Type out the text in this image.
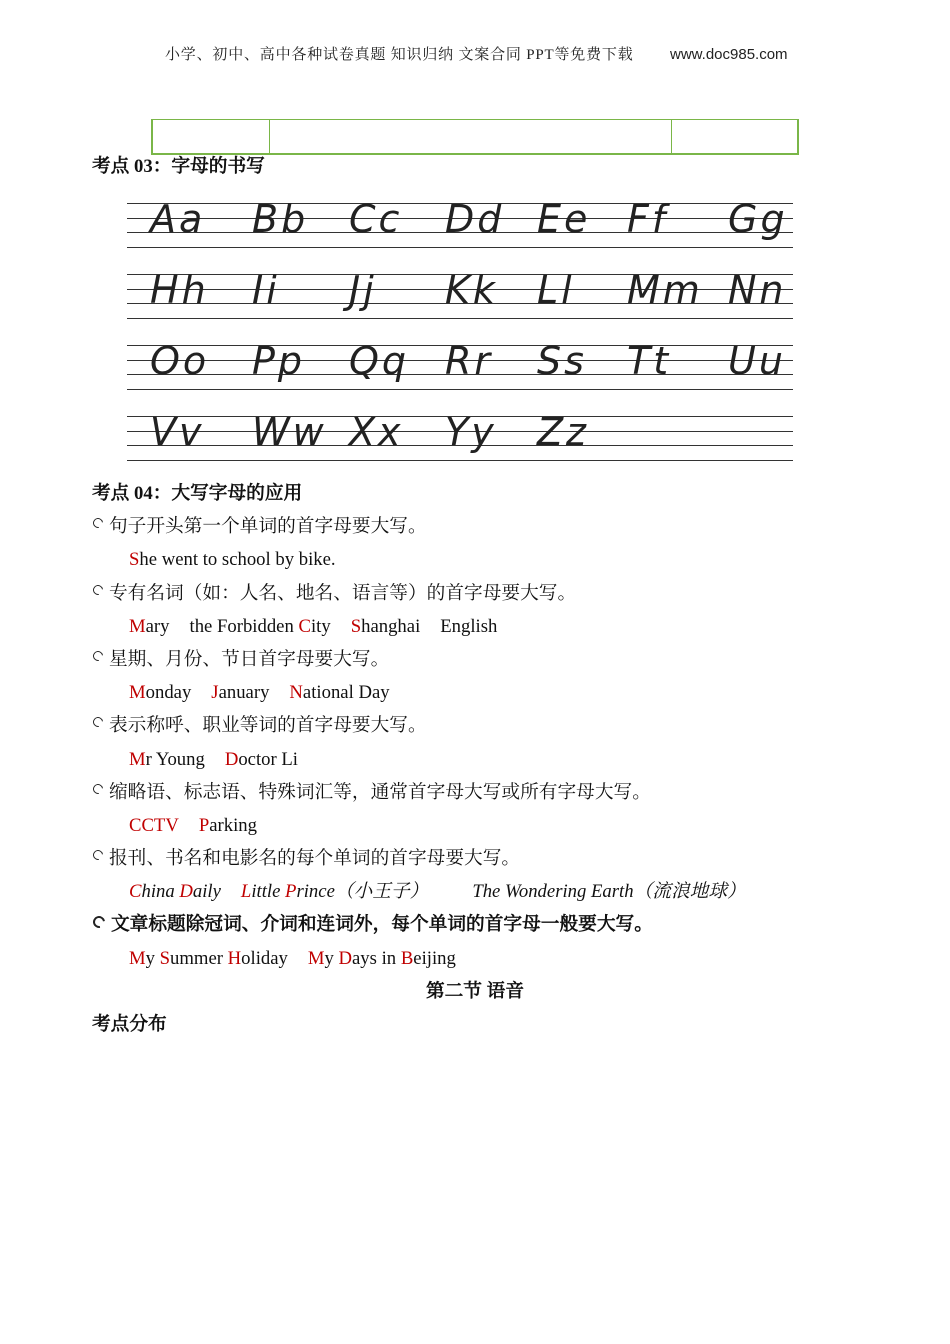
小学、初中、高中各种试卷真题 知识归纳 文案合同 PPT等免费下载 www.doc985.com
考点 03：字母的书写
Aa Bb Cc Dd Ee Ff Gg
Hh Ii Jj Kk Ll Mm Nn
Oo Pp Qq Rr Ss Tt Uu
Vv Ww Xx Yy Zz
考点 04：大写字母的应用
句子开头第一个单词的首字母要大写。
She went to school by bike.
专有名词（如：人名、地名、语言等）的首字母要大写。
Mary the Forbidden City Shanghai English
星期、月份、节日首字母要大写。
Monday January National Day
表示称呼、职业等词的首字母要大写。
Mr Young Doctor Li
缩略语、标志语、特殊词汇等，通常首字母大写或所有字母大写。
CCTV Parking
报刊、书名和电影名的每个单词的首字母要大写。
China Daily Little Prince（小王子） The Wondering Earth（流浪地球）
文章标题除冠词、介词和连词外，每个单词的首字母一般要大写。
My Summer Holiday My Days in Beijing
第二节 语音
考点分布
